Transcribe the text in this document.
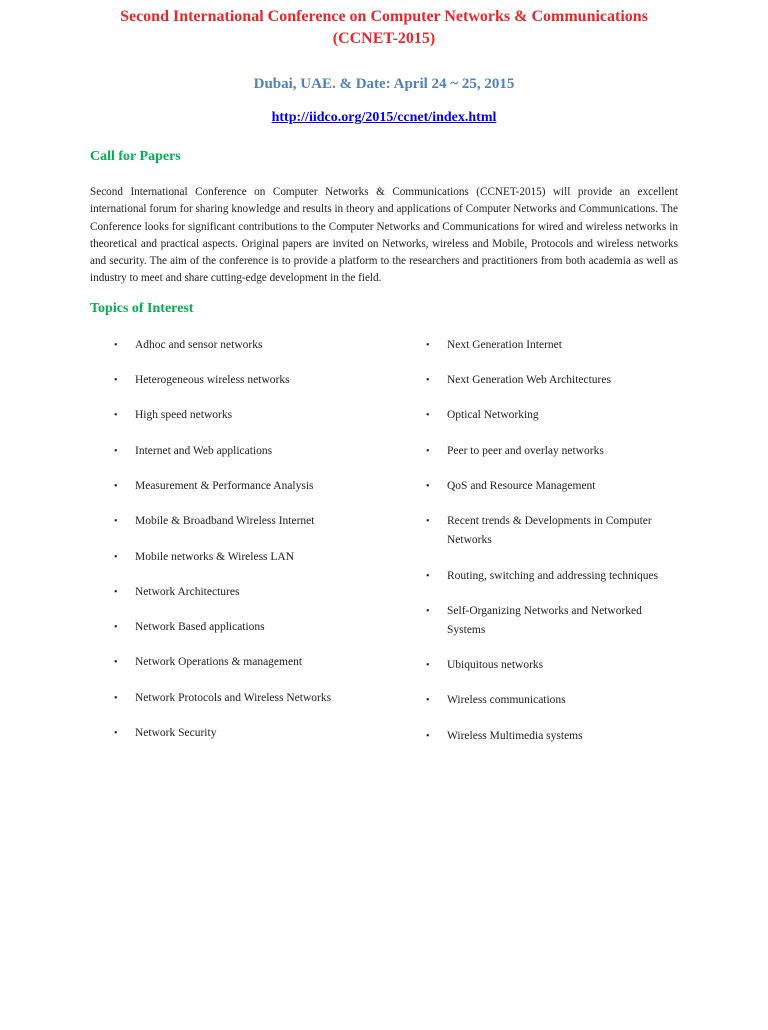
Second International Conference on Computer Networks & Communications
(CCNET-2015)
Dubai, UAE. & Date: April 24 ~ 25, 2015
http://iidco.org/2015/ccnet/index.html
Call for Papers

Second International Conference on Computer Networks & Communications (CCNET-2015) will provide an excellent international forum for sharing knowledge and results in theory and applications of Computer Networks and Communications. The Conference looks for significant contributions to the Computer Networks and Communications for wired and wireless networks in theoretical and practical aspects. Original papers are invited on Networks, wireless and Mobile, Protocols and wireless networks and security. The aim of the conference is to provide a platform to the researchers and practitioners from both academia as well as industry to meet and share cutting-edge development in the field.

Topics of Interest
• Adhoc and sensor networks
• Heterogeneous wireless networks
• High speed networks
• Internet and Web applications
• Measurement & Performance Analysis
• Mobile & Broadband Wireless Internet
• Mobile networks & Wireless LAN
• Network Architectures
• Network Based applications
• Network Operations & management
• Network Protocols and Wireless Networks
• Network Security
• Next Generation Internet
• Next Generation Web Architectures
• Optical Networking
• Peer to peer and overlay networks
• QoS and Resource Management
• Recent trends & Developments in Computer Networks
• Routing, switching and addressing techniques
• Self-Organizing Networks and Networked Systems
• Ubiquitous networks
• Wireless communications
• Wireless Multimedia systems
